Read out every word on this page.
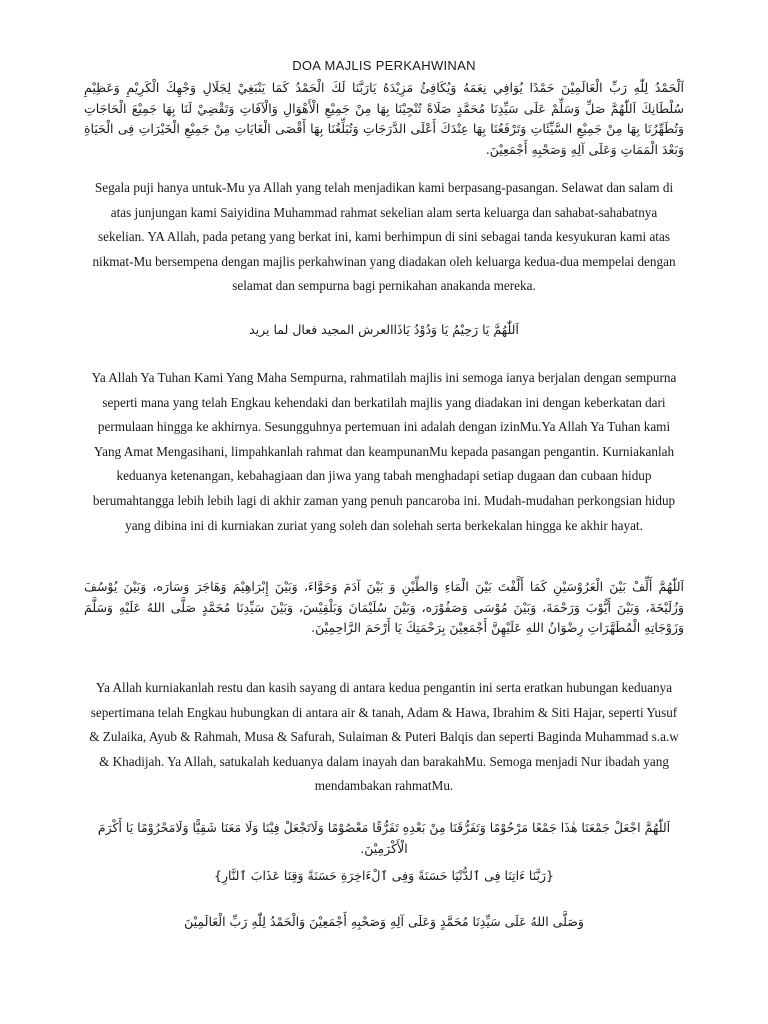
DOA MAJLIS PERKAHWINAN
اَلْحَمْدُ لِلّٰهِ رَبِّ الْعَالَمِيْنَ حَمْدًا يُوَافِي نِعَمَهُ وَيُكَافِئُ مَزِيْدَهُ يَارَبَّنَا لَكَ الْحَمْدُ كَمَا يَنْبَغِيْ لِجَلَالِ وَجْهِكَ الْكَرِيْمِ وَعَظِيْمِ سُلْطَانِكَ اَللّٰهُمَّ صَلِّ وَسَلِّمْ عَلَى سَيِّدِنَا مُحَمَّدٍ صَلَاةً تُنْجِيْنَا بِهَا مِنْ جَمِيْعِ الْأَهْوَالِ وَالْآفَاتِ وَتَقْضِيْ لَنَا بِهَا جَمِيْعَ الْحَاجَاتِ وَتُطَهِّرُنَا بِهَا مِنْ جَمِيْعِ السَّيِّئَاتِ وَتَرْفَعُنَا بِهَا عِنْدَكَ أَعْلَى الدَّرَجَاتِ وَتُبَلِّغُنَا بِهَا أَقْصَى الْغَايَاتِ مِنْ جَمِيْعِ الْخَيْرَاتِ فِى الْحَيَاةِ وَبَعْدَ الْمَمَاتِ وَعَلَى آلِهِ وَصَحْبِهِ أَجْمَعِيْنَ.
Segala puji hanya untuk-Mu ya Allah yang telah menjadikan kami berpasang-pasangan. Selawat dan salam di atas junjungan kami Saiyidina Muhammad rahmat sekelian alam serta keluarga dan sahabat-sahabatnya sekelian. YA Allah, pada petang yang berkat ini, kami berhimpun di sini sebagai tanda kesyukuran kami atas nikmat-Mu bersempena dengan majlis perkahwinan yang diadakan oleh keluarga kedua-dua mempelai dengan selamat dan sempurna bagi pernikahan anakanda mereka.
اَللّٰهُمَّ يَا رَحِيْمُ يَا وَدُوْدُ يَاذَاالعرش المجيد فعال لما يريد
Ya Allah Ya Tuhan Kami Yang Maha Sempurna, rahmatilah majlis ini semoga ianya berjalan dengan sempurna seperti mana yang telah Engkau kehendaki dan berkatilah majlis yang diadakan ini dengan keberkatan dari permulaan hingga ke akhirnya. Sesungguhnya pertemuan ini adalah dengan izinMu.Ya Allah Ya Tuhan kami Yang Amat Mengasihani, limpahkanlah rahmat dan keampunanMu kepada pasangan pengantin. Kurniakanlah keduanya ketenangan, kebahagiaan dan jiwa yang tabah menghadapi setiap dugaan dan cubaan hidup berumahtangga lebih lebih lagi di akhir zaman yang penuh pancaroba ini. Mudah-mudahan perkongsian hidup yang dibina ini di kurniakan zuriat yang soleh dan solehah serta berkekalan hingga ke akhir hayat.
اَللّٰهُمَّ أَلِّفْ بَيْنَ الْعَرُوْسَيْنِ كَمَا أَلَّفْتَ بَيْنَ الْمَاءِ وَالطِّيْنِ وَ بَيْنَ آدَمَ وَحَوَّاءَ، وَبَيْنَ إِبْرَاهِيْمَ وَهَاجَرَ وَسَارَه، وَبَيْنَ يُوْسُفَ وَزُلَيْخَةَ، وَبَيْنَ أَيُّوْبَ وَرَحْمَةَ، وَبَيْنَ مُوْسَى وَصَفُوْرَه، وَبَيْنَ سُلَيْمَانَ وَبَلْقِيْسَ، وَبَيْنَ سَيِّدِنَا مُحَمَّدٍ صَلَّى اللهُ عَلَيْهِ وَسَلَّمَ وَزَوْجَاتِهِ الْمُطَهَّرَاتِ رِضْوَانُ اللهِ عَلَيْهِنَّ أَجْمَعِيْنَ بِرَحْمَتِكَ يَا أَرْحَمَ الرَّاحِمِيْنَ.
Ya Allah kurniakanlah restu dan kasih sayang di antara kedua pengantin ini serta eratkan hubungan keduanya sepertimana telah Engkau hubungkan di antara air & tanah, Adam & Hawa, Ibrahim & Siti Hajar, seperti Yusuf & Zulaika, Ayub & Rahmah, Musa & Safurah, Sulaiman & Puteri Balqis dan seperti Baginda Muhammad s.a.w & Khadijah. Ya Allah, satukalah keduanya dalam inayah dan barakahMu. Semoga menjadi Nur ibadah yang mendambakan rahmatMu.
اَللّٰهُمَّ اجْعَلْ جَمْعَنَا هٰذَا جَمْعًا مَرْحُوْمًا وَتَفَرُّقَنَا مِنْ بَعْدِهِ تَفَرُّقًا مَعْصُوْمًا وَلَاتَجْعَلْ فِيْنَا وَلَا مَعَنَا شَقِيًّا وَلَامَحْرُوْمًا يَا أَكْرَمَ الْأَكْرَمِيْنَ.
{رَبَّنَا ءَاتِنَا فِى ٱلدُّنْيَا حَسَنَةً وَفِى ٱلْءَاخِرَةِ حَسَنَةً وَقِنَا عَذَابَ ٱلنَّارِ}
وَصَلَّى اللهُ عَلَى سَيِّدِنَا مُحَمَّدٍ وَعَلَى آلِهِ وَصَحْبِهِ أَجْمَعِيْنَ وَالْحَمْدُ لِلّٰهِ رَبِّ الْعَالَمِيْنَ
